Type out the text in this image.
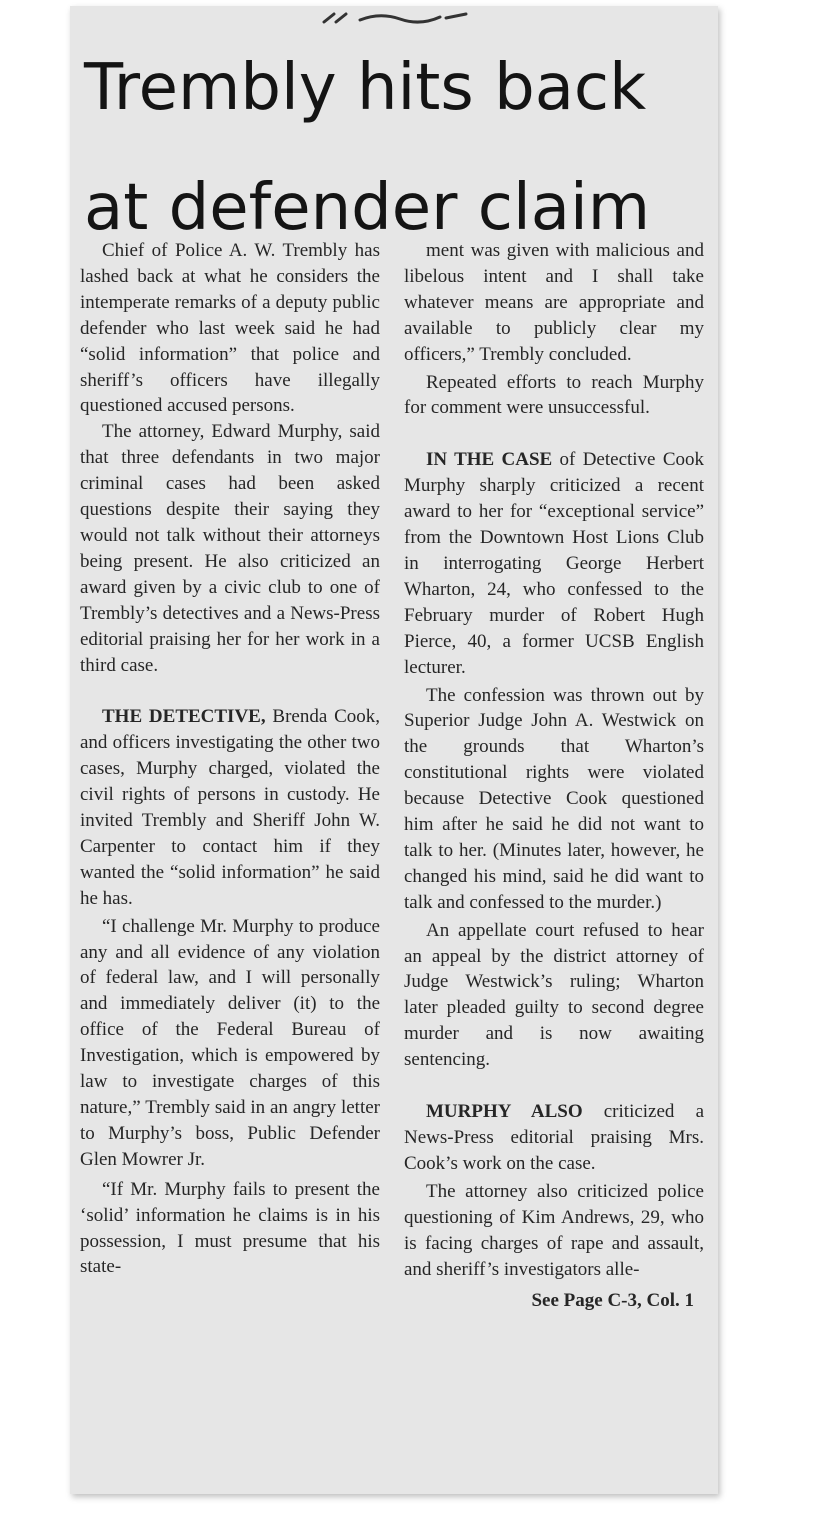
Trembly hits back
at defender claim

Chief of Police A. W. Trembly has lashed back at what he considers the intemperate remarks of a deputy public defender who last week said he had “solid information” that police and sheriff’s officers have illegally questioned accused persons.

The attorney, Edward Murphy, said that three defendants in two major criminal cases had been asked questions despite their saying they would not talk without their attorneys being present. He also criticized an award given by a civic club to one of Trembly’s detectives and a News-Press editorial praising her for her work in a third case.

THE DETECTIVE, Brenda Cook, and officers investigating the other two cases, Murphy charged, violated the civil rights of persons in custody. He invited Trembly and Sheriff John W. Carpenter to contact him if they wanted the “solid information” he said he has.

“I challenge Mr. Murphy to produce any and all evidence of any violation of federal law, and I will personally and immediately deliver (it) to the office of the Federal Bureau of Investigation, which is empowered by law to investigate charges of this nature,” Trembly said in an angry letter to Murphy’s boss, Public Defender Glen Mowrer Jr.

“If Mr. Murphy fails to present the ‘solid’ information he claims is in his possession, I must presume that his state-

ment was given with malicious and libelous intent and I shall take whatever means are appropriate and available to publicly clear my officers,” Trembly concluded.

Repeated efforts to reach Murphy for comment were unsuccessful.

IN THE CASE of Detective Cook Murphy sharply criticized a recent award to her for “exceptional service” from the Downtown Host Lions Club in interrogating George Herbert Wharton, 24, who confessed to the February murder of Robert Hugh Pierce, 40, a former UCSB English lecturer.

The confession was thrown out by Superior Judge John A. Westwick on the grounds that Wharton’s constitutional rights were violated because Detective Cook questioned him after he said he did not want to talk to her. (Minutes later, however, he changed his mind, said he did want to talk and confessed to the murder.)

An appellate court refused to hear an appeal by the district attorney of Judge Westwick’s ruling; Wharton later pleaded guilty to second degree murder and is now awaiting sentencing.

MURPHY ALSO criticized a News-Press editorial praising Mrs. Cook’s work on the case.

The attorney also criticized police questioning of Kim Andrews, 29, who is facing charges of rape and assault, and sheriff’s investigators alle-

See Page C-3, Col. 1
